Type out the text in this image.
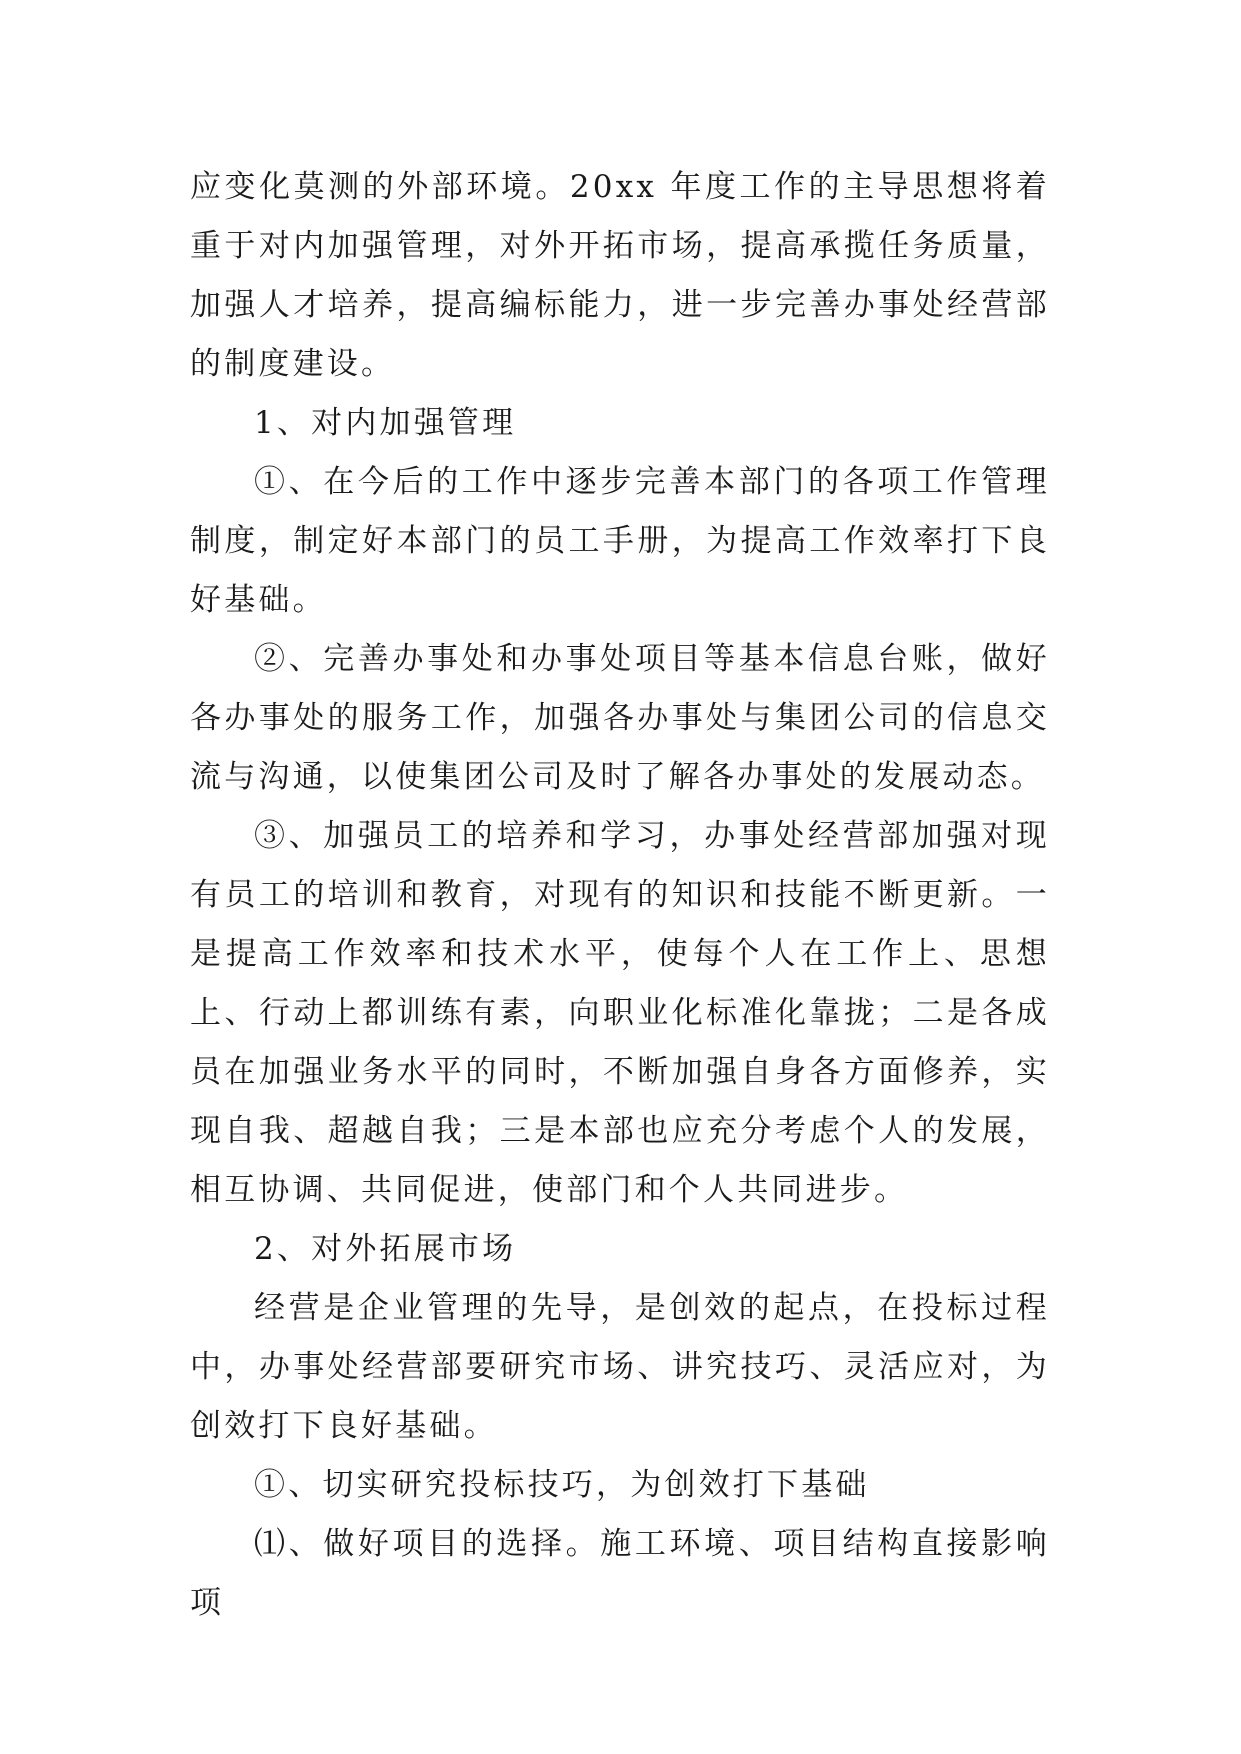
应变化莫测的外部环境。20xx 年度工作的主导思想将着重于对内加强管理，对外开拓市场，提高承揽任务质量，加强人才培养，提高编标能力，进一步完善办事处经营部的制度建设。

1、对内加强管理

①、在今后的工作中逐步完善本部门的各项工作管理制度，制定好本部门的员工手册，为提高工作效率打下良好基础。

②、完善办事处和办事处项目等基本信息台账，做好各办事处的服务工作，加强各办事处与集团公司的信息交流与沟通，以使集团公司及时了解各办事处的发展动态。

③、加强员工的培养和学习，办事处经营部加强对现有员工的培训和教育，对现有的知识和技能不断更新。一是提高工作效率和技术水平，使每个人在工作上、思想上、行动上都训练有素，向职业化标准化靠拢；二是各成员在加强业务水平的同时，不断加强自身各方面修养，实现自我、超越自我；三是本部也应充分考虑个人的发展，相互协调、共同促进，使部门和个人共同进步。

2、对外拓展市场

经营是企业管理的先导，是创效的起点，在投标过程中，办事处经营部要研究市场、讲究技巧、灵活应对，为创效打下良好基础。

①、切实研究投标技巧，为创效打下基础

⑴、做好项目的选择。施工环境、项目结构直接影响项
